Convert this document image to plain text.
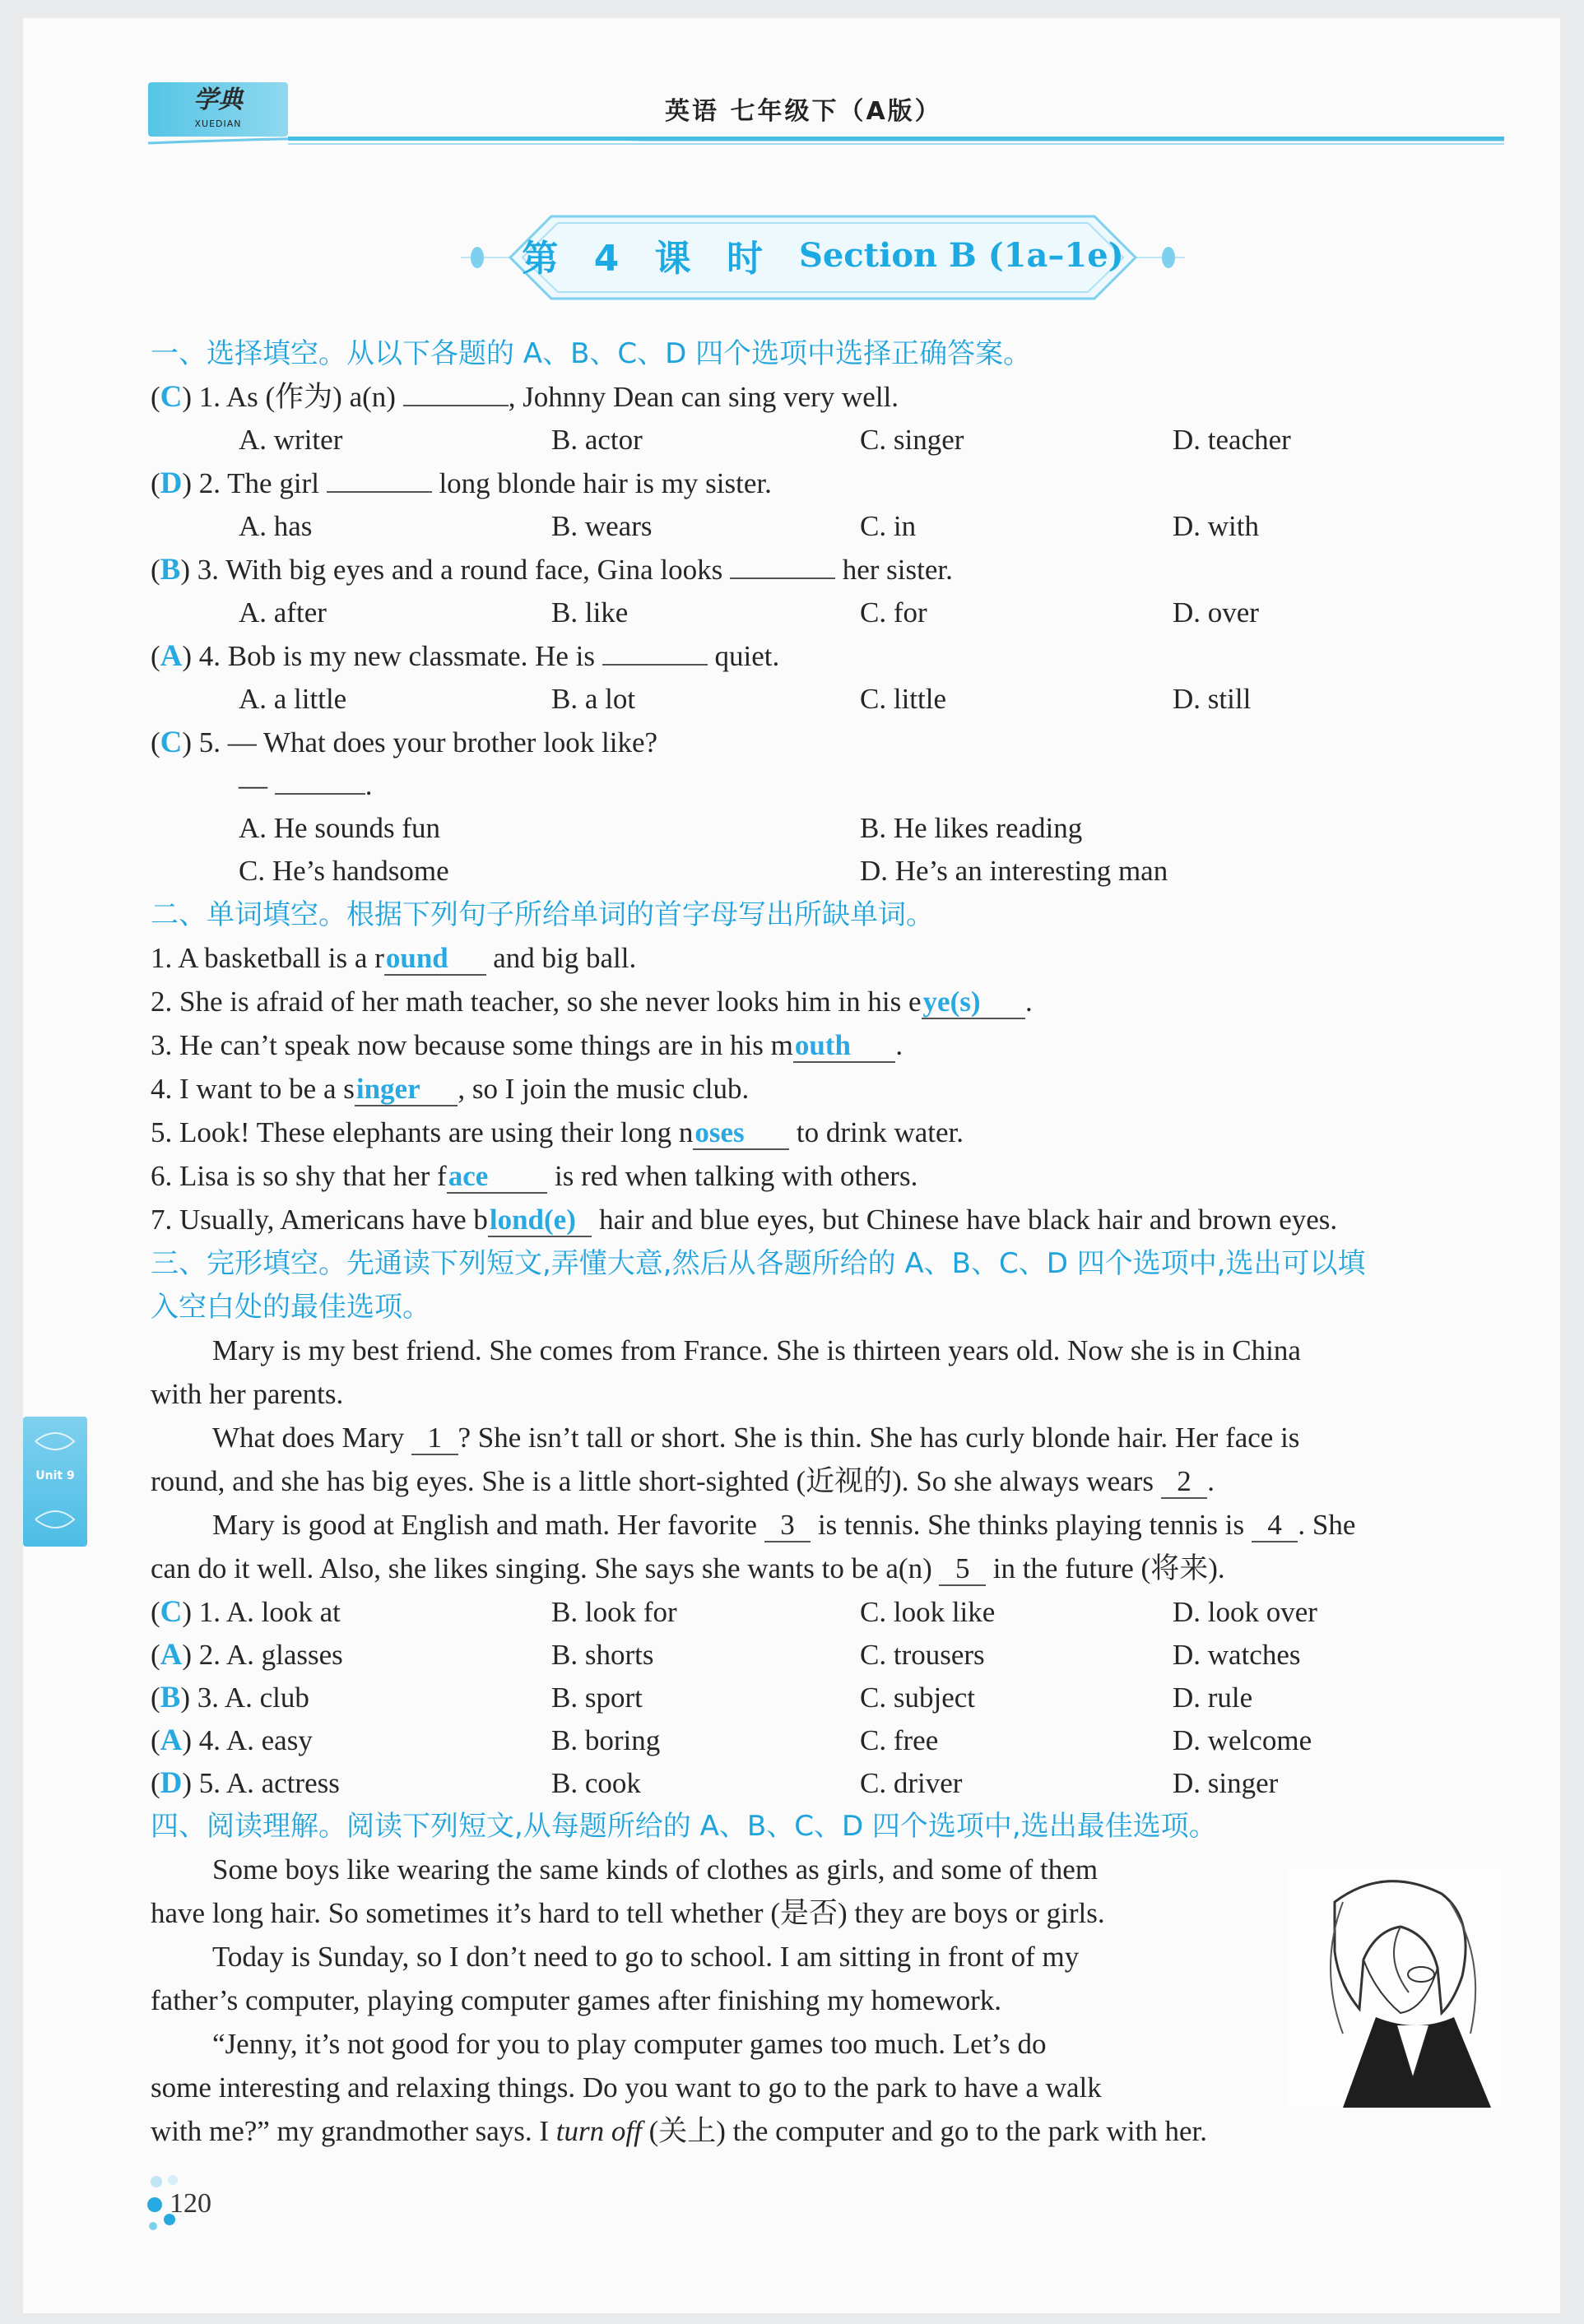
学典
XUEDIAN	英语 七年级下（A版）
第 4 课 时 Section B (1a–1e)
一、选择填空。从以下各题的 A、B、C、D 四个选项中选择正确答案。
(C) 1. As (作为) a(n)	, Johnny Dean can sing very well.
A. writer	B. actor	C. singer	D. teacher
(D) 2. The girl	long blonde hair is my sister.
A. has	B. wears	C. in	D. with
(B) 3. With big eyes and a round face, Gina looks	her sister.
A. after	B. like	C. for	D. over
(A) 4. Bob is my new classmate. He is	quiet.
A. a little	B. a lot	C. little	D. still
(C) 5. — What does your brother look like?
—	.
A. He sounds fun	B. He likes reading
C. He’s handsome	D. He’s an interesting man
二、单词填空。根据下列句子所给单词的首字母写出所缺单词。
1. A basketball is a round      and big ball.
2. She is afraid of her math teacher, so she never looks him in his eye(s) .
3. He can’t speak now because some things are in his mouth .
4. I want to be a singer , so I join the music club.
5. Look! These elephants are using their long noses       to drink water.
6. Lisa is so shy that her face         is red when talking with others.
7. Usually, Americans have blond(e)   hair and blue eyes, but Chinese have black hair and brown eyes.
三、完形填空。先通读下列短文,弄懂大意,然后从各题所给的 A、B、C、D 四个选项中,选出可以填
入空白处的最佳选项。
Mary is my best friend. She comes from France. She is thirteen years old. Now she is in China
with her parents.
What does Mary 1 ? She isn’t tall or short. She is thin. She has curly blonde hair. Her face is
round, and she has big eyes. She is a little short-sighted (近视的). So she always wears 2 .
Mary is good at English and math. Her favorite 3 is tennis. She thinks playing tennis is 4 . She
can do it well. Also, she likes singing. She says she wants to be a(n) 5 in the future (将来).
(C) 1. A. look at	B. look for	C. look like	D. look over
(A) 2. A. glasses	B. shorts	C. trousers	D. watches
(B) 3. A. club	B. sport	C. subject	D. rule
(A) 4. A. easy	B. boring	C. free	D. welcome
(D) 5. A. actress	B. cook	C. driver	D. singer
四、阅读理解。阅读下列短文,从每题所给的 A、B、C、D 四个选项中,选出最佳选项。
Some boys like wearing the same kinds of clothes as girls, and some of them
have long hair. So sometimes it’s hard to tell whether (是否) they are boys or girls.
Today is Sunday, so I don’t need to go to school. I am sitting in front of my
father’s computer, playing computer games after finishing my homework.
“Jenny, it’s not good for you to play computer games too much. Let’s do
some interesting and relaxing things. Do you want to go to the park to have a walk
with me?” my grandmother says. I turn off (关上) the computer and go to the park with her.
Unit 9
120
